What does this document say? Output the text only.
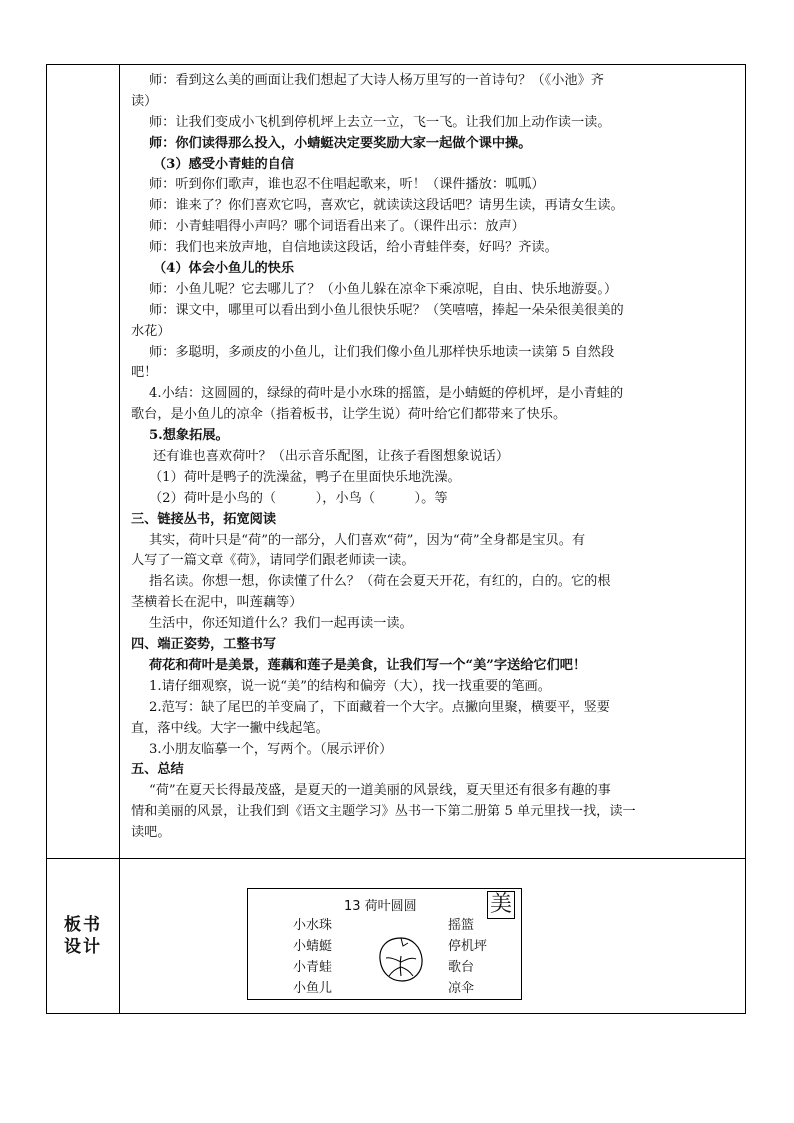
师：看到这么美的画面让我们想起了大诗人杨万里写的一首诗句？（《小池》齐
读）
师：让我们变成小飞机到停机坪上去立一立，飞一飞。让我们加上动作读一读。
师：你们读得那么投入，小蜻蜓决定要奖励大家一起做个课中操。
（3）感受小青蛙的自信
师：听到你们歌声，谁也忍不住唱起歌来，听！（课件播放：呱呱）
师：谁来了？你们喜欢它吗，喜欢它，就读读这段话吧？请男生读，再请女生读。
师：小青蛙唱得小声吗？哪个词语看出来了。（课件出示：放声）
师：我们也来放声地，自信地读这段话，给小青蛙伴奏，好吗？齐读。
（4）体会小鱼儿的快乐
师：小鱼儿呢？它去哪儿了？（小鱼儿躲在凉伞下乘凉呢，自由、快乐地游耍。）
师：课文中，哪里可以看出到小鱼儿很快乐呢？（笑嘻嘻，捧起一朵朵很美很美的
水花）
师：多聪明，多顽皮的小鱼儿，让们我们像小鱼儿那样快乐地读一读第 5 自然段
吧！
4.小结：这圆圆的，绿绿的荷叶是小水珠的摇篮，是小蜻蜓的停机坪，是小青蛙的
歌台，是小鱼儿的凉伞（指着板书，让学生说）荷叶给它们都带来了快乐。
5.想象拓展。
还有谁也喜欢荷叶？（出示音乐配图，让孩子看图想象说话）
（1）荷叶是鸭子的洗澡盆，鸭子在里面快乐地洗澡。
（2）荷叶是小鸟的（　　　），小鸟（　　　）。等
三、链接丛书，拓宽阅读
其实，荷叶只是“荷”的一部分，人们喜欢“荷”，因为“荷”全身都是宝贝。有
人写了一篇文章《荷》，请同学们跟老师读一读。
指名读。你想一想，你读懂了什么？（荷在会夏天开花，有红的，白的。它的根
茎横着长在泥中，叫莲藕等）
生活中，你还知道什么？我们一起再读一读。
四、端正姿势，工整书写
荷花和荷叶是美景，莲藕和莲子是美食，让我们写一个“美”字送给它们吧！
1.请仔细观察，说一说“美”的结构和偏旁（大），找一找重要的笔画。
2.范写：缺了尾巴的羊变扁了，下面藏着一个大字。点撇向里聚，横要平，竖要
直，落中线。大字一撇中线起笔。
3.小朋友临摹一个，写两个。（展示评价）
五、总结
“荷”在夏天长得最茂盛，是夏天的一道美丽的风景线，夏天里还有很多有趣的事
情和美丽的风景，让我们到《语文主题学习》丛书一下第二册第 5 单元里找一找，读一
读吧。
板书
设计
13 荷叶圆圆	美
小水珠
小蜻蜓
小青蛙
小鱼儿
摇篮
停机坪
歌台
凉伞
